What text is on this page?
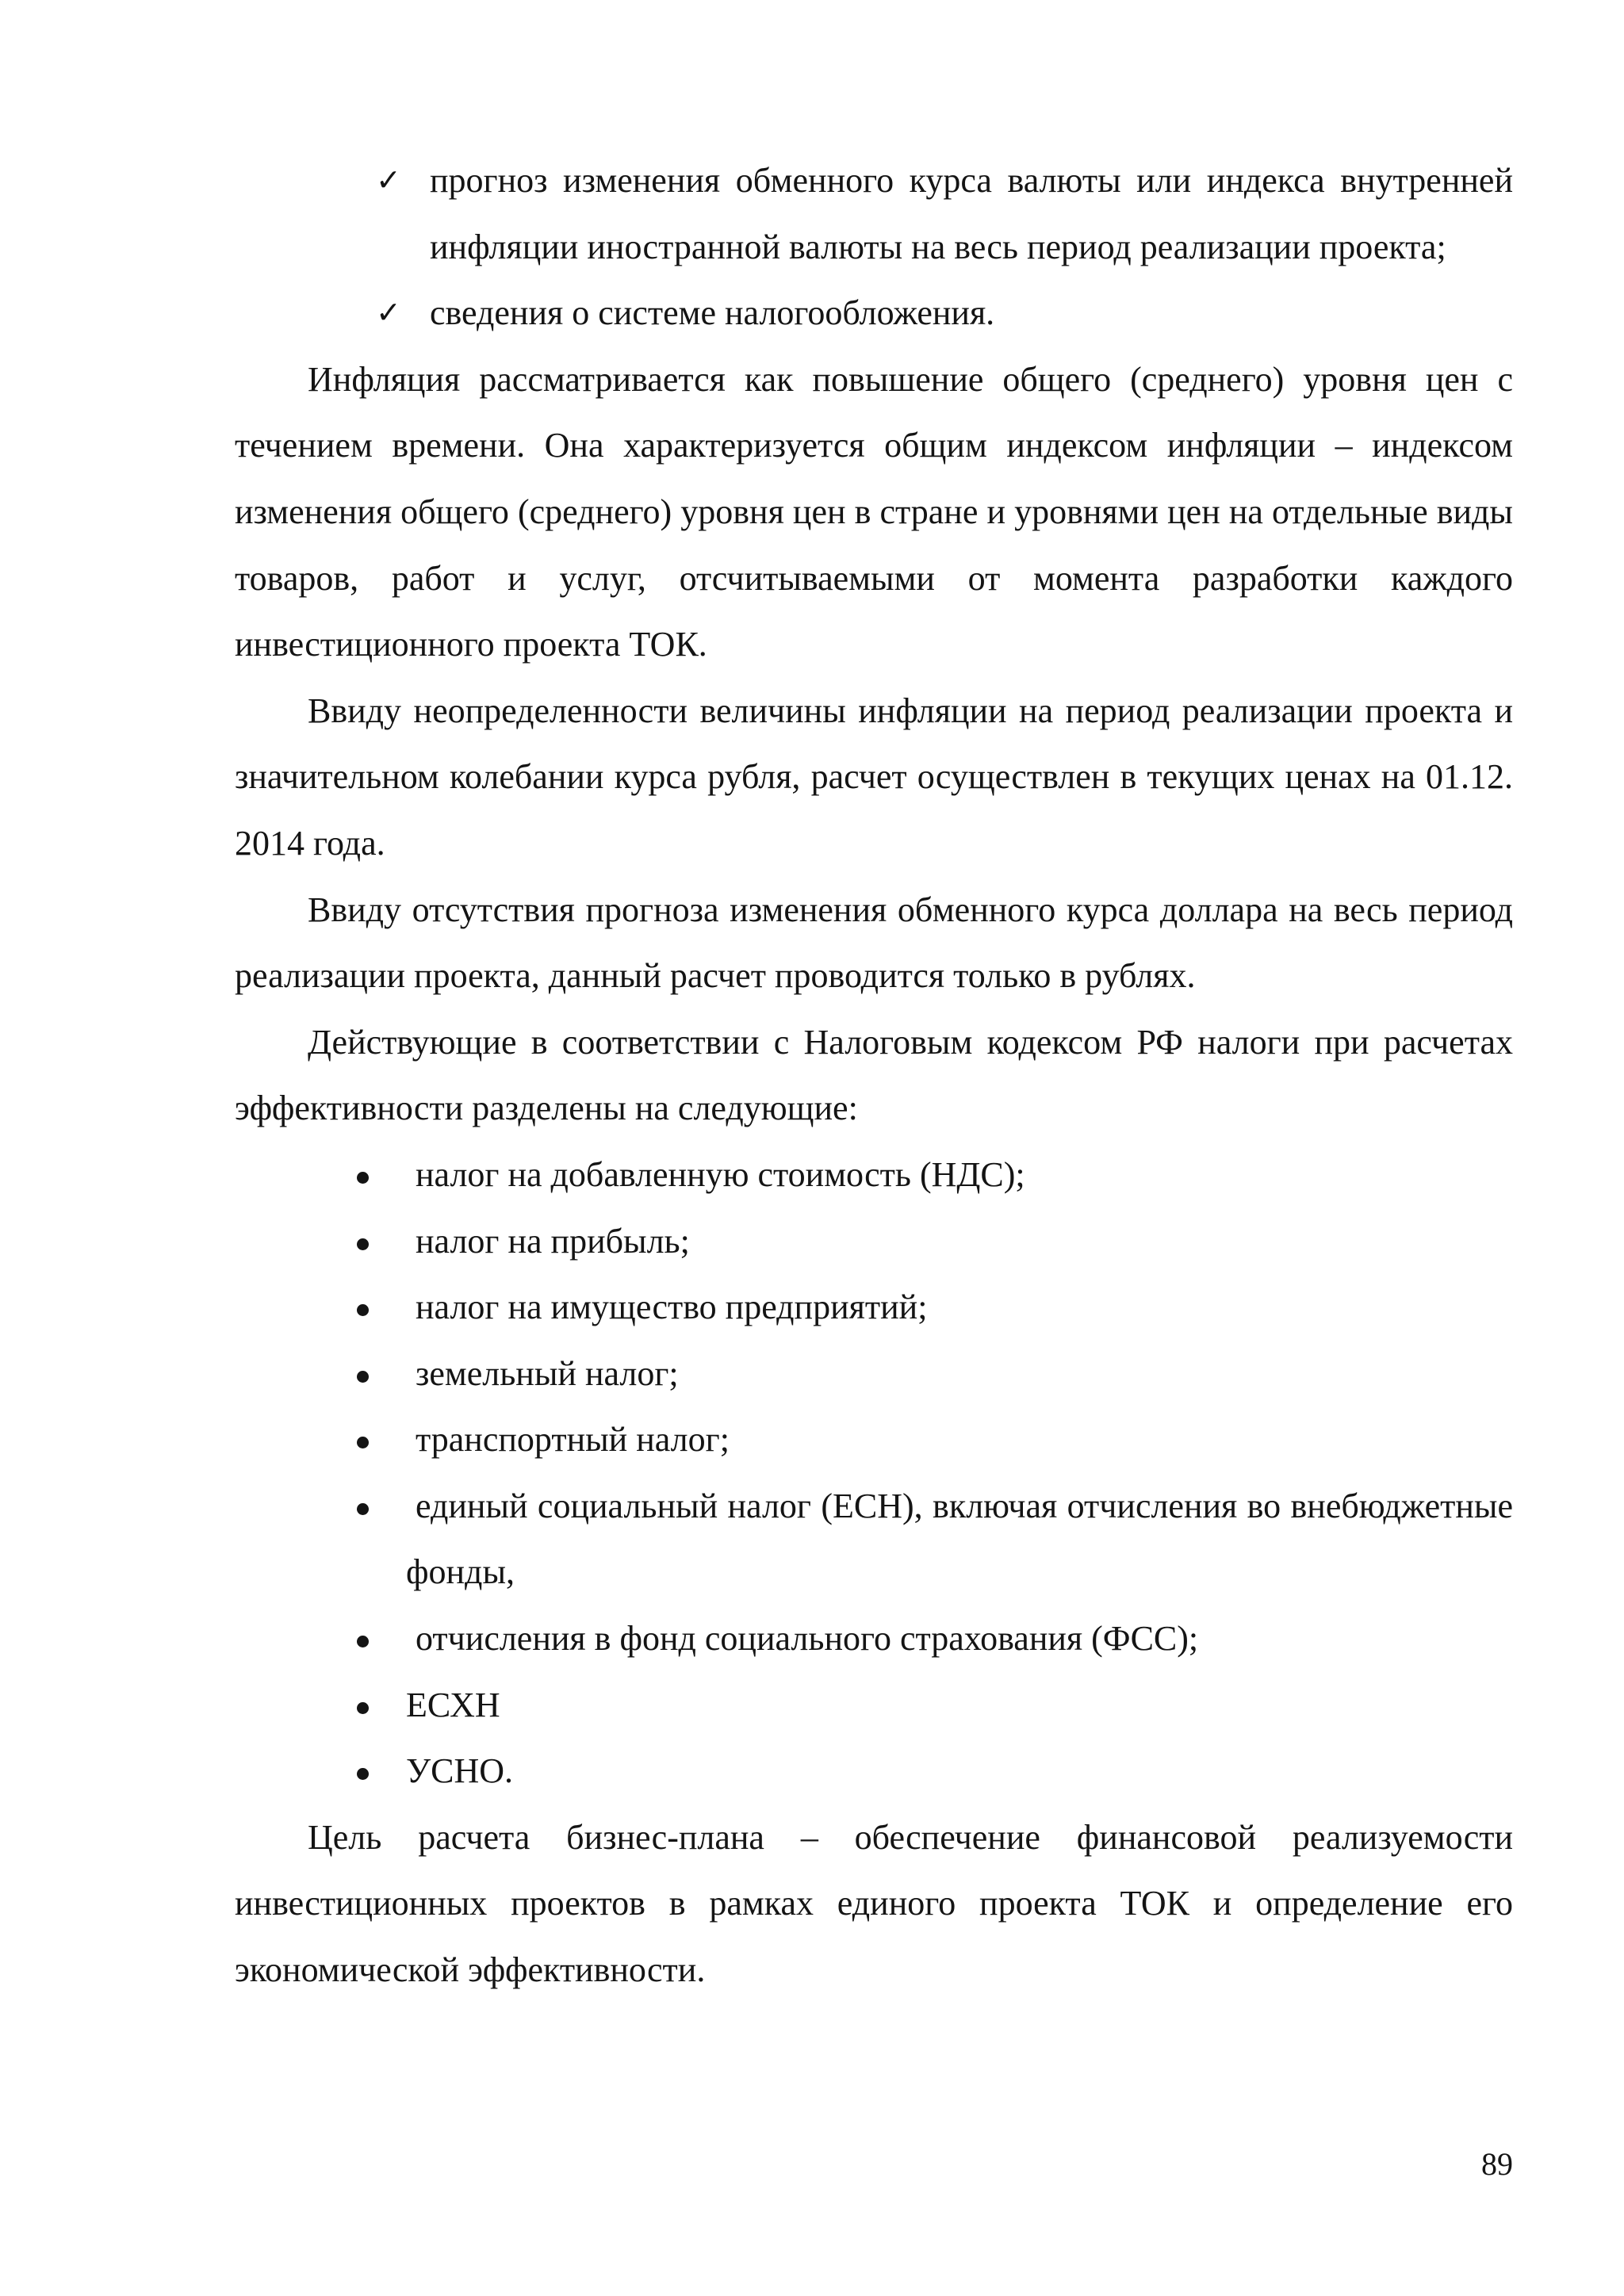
✓ прогноз изменения обменного курса валюты или индекса внутренней инфляции иностранной валюты на весь период реализации проекта;
✓ сведения о системе налогообложения.

Инфляция рассматривается как повышение общего (среднего) уровня цен с течением времени. Она характеризуется общим индексом инфляции – индексом изменения общего (среднего) уровня цен в стране и уровнями цен на отдельные виды товаров, работ и услуг, отсчитываемыми от момента разработки каждого инвестиционного проекта ТОК.

Ввиду неопределенности величины инфляции на период реализации проекта и значительном колебании курса рубля, расчет осуществлен в текущих ценах на 01.12. 2014 года.

Ввиду отсутствия прогноза изменения обменного курса доллара на весь период реализации проекта, данный расчет проводится только в рублях.

Действующие в соответствии с Налоговым кодексом РФ налоги при расчетах эффективности разделены на следующие:

налог на добавленную стоимость (НДС);
налог на прибыль;
налог на имущество предприятий;
земельный налог;
транспортный налог;
единый социальный налог (ЕСН), включая отчисления во внебюджетные фонды,
отчисления в фонд социального страхования (ФСС);
ЕСХН
УСНО.

Цель расчета бизнес-плана – обеспечение финансовой реализуемости инвестиционных проектов в рамках единого проекта ТОК и определение его экономической эффективности.

89
